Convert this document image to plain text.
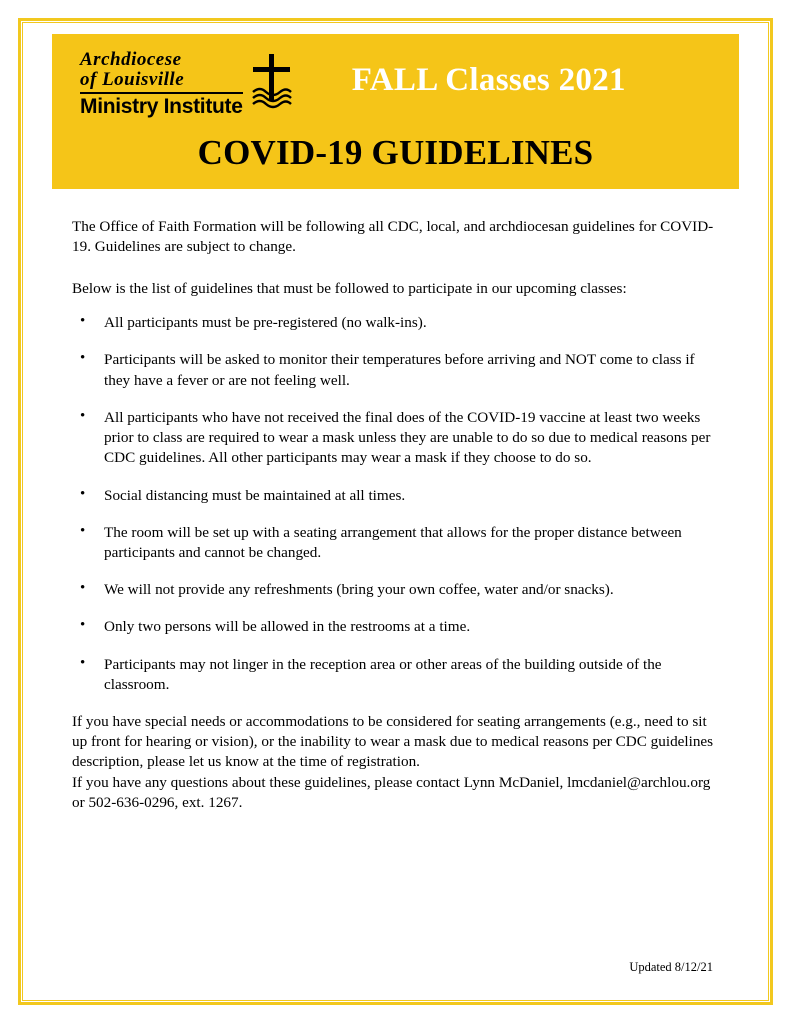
Archdiocese
of Louisville
Ministry Institute
FALL Classes 2021
COVID-19 GUIDELINES

The Office of Faith Formation will be following all CDC, local, and archdiocesan guidelines for COVID-19. Guidelines are subject to change.

Below is the list of guidelines that must be followed to participate in our upcoming classes:

• All participants must be pre-registered (no walk-ins).
• Participants will be asked to monitor their temperatures before arriving and NOT come to class if they have a fever or are not feeling well.
• All participants who have not received the final does of the COVID-19 vaccine at least two weeks prior to class are required to wear a mask unless they are unable to do so due to medical reasons per CDC guidelines. All other participants may wear a mask if they choose to do so.
• Social distancing must be maintained at all times.
• The room will be set up with a seating arrangement that allows for the proper distance between participants and cannot be changed.
• We will not provide any refreshments (bring your own coffee, water and/or snacks).
• Only two persons will be allowed in the restrooms at a time.
• Participants may not linger in the reception area or other areas of the building outside of the classroom.

If you have special needs or accommodations to be considered for seating arrangements (e.g., need to sit up front for hearing or vision), or the inability to wear a mask due to medical reasons per CDC guidelines description, please let us know at the time of registration.

If you have any questions about these guidelines, please contact Lynn McDaniel, lmcdaniel@archlou.org or 502-636-0296, ext. 1267.

Updated 8/12/21
